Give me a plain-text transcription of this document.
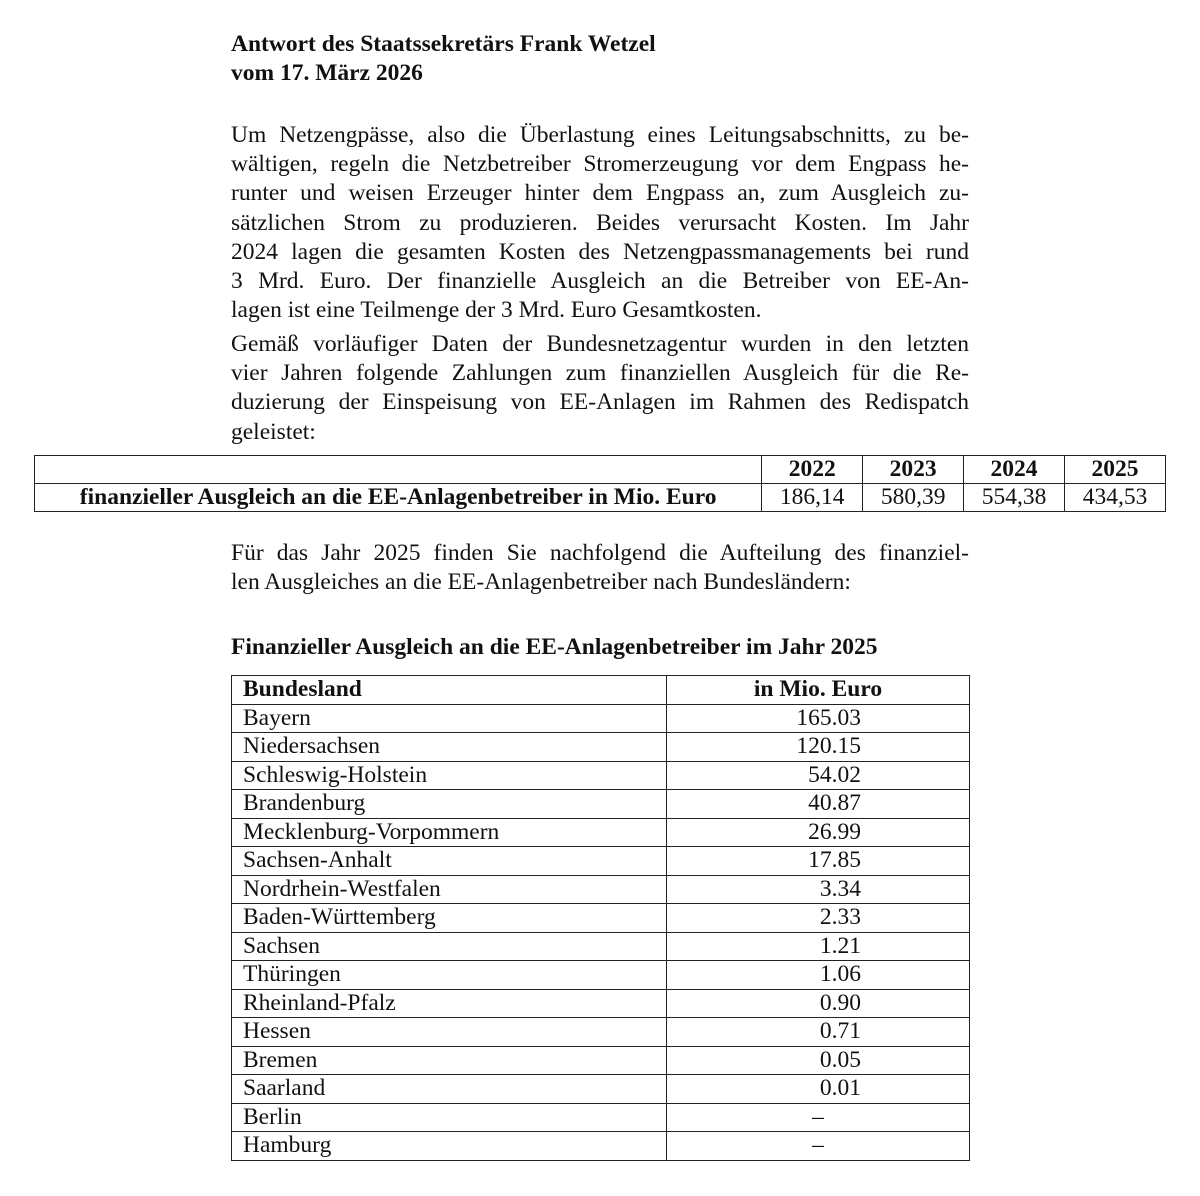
Antwort des Staatssekretärs Frank Wetzel
vom 17. März 2026
Um Netzengpässe, also die Überlastung eines Leitungsabschnitts, zu be-
wältigen, regeln die Netzbetreiber Stromerzeugung vor dem Engpass he-
runter und weisen Erzeuger hinter dem Engpass an, zum Ausgleich zu-
sätzlichen Strom zu produzieren. Beides verursacht Kosten. Im Jahr
2024 lagen die gesamten Kosten des Netzengpassmanagements bei rund
3 Mrd. Euro. Der finanzielle Ausgleich an die Betreiber von EE-An-
lagen ist eine Teilmenge der 3 Mrd. Euro Gesamtkosten.
Gemäß vorläufiger Daten der Bundesnetzagentur wurden in den letzten
vier Jahren folgende Zahlungen zum finanziellen Ausgleich für die Re-
duzierung der Einspeisung von EE-Anlagen im Rahmen des Redispatch
geleistet:
	2022	2023	2024	2025
finanzieller Ausgleich an die EE-Anlagenbetreiber in Mio. Euro	186,14	580,39	554,38	434,53
Für das Jahr 2025 finden Sie nachfolgend die Aufteilung des finanziel-
len Ausgleiches an die EE-Anlagenbetreiber nach Bundesländern:
Finanzieller Ausgleich an die EE-Anlagenbetreiber im Jahr 2025
Bundesland	in Mio. Euro
Bayern	165.03
Niedersachsen	120.15
Schleswig-Holstein	54.02
Brandenburg	40.87
Mecklenburg-Vorpommern	26.99
Sachsen-Anhalt	17.85
Nordrhein-Westfalen	3.34
Baden-Württemberg	2.33
Sachsen	1.21
Thüringen	1.06
Rheinland-Pfalz	0.90
Hessen	0.71
Bremen	0.05
Saarland	0.01
Berlin	–
Hamburg	–
